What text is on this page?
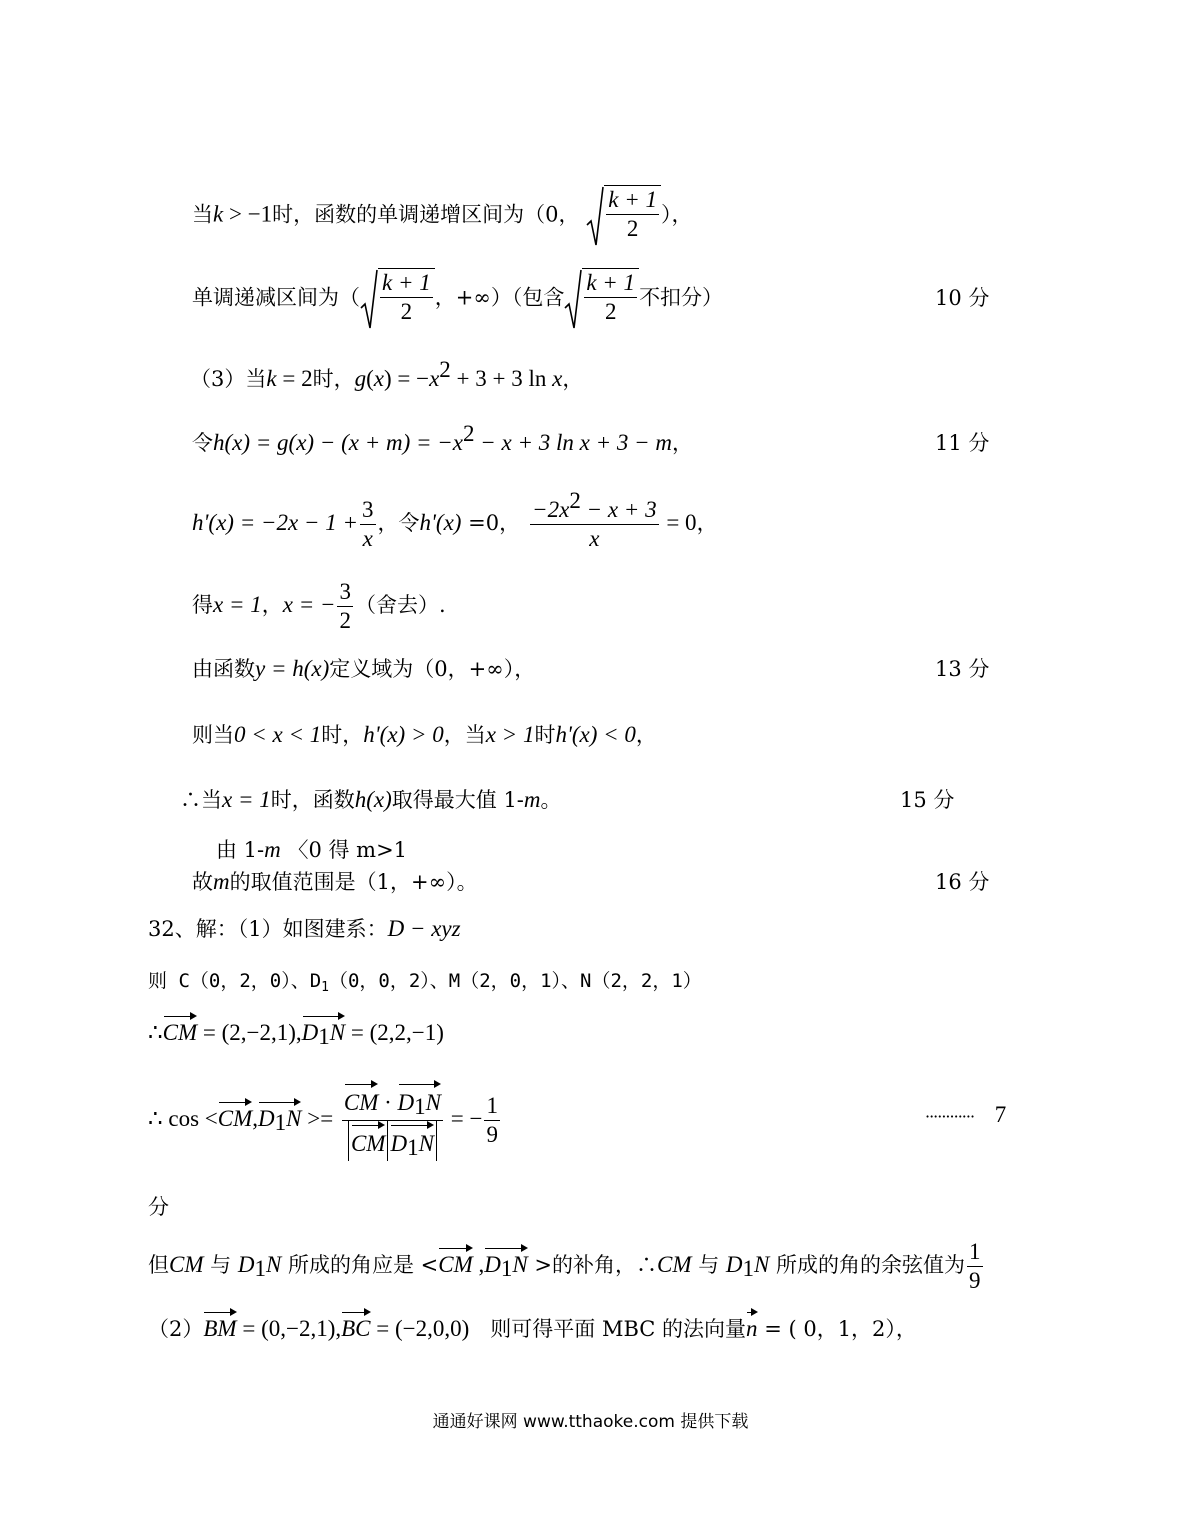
当k > −1时，函数的单调递增区间为（0， $\frac{k + 1}{2}$ ），
单调递减区间为（ $\frac{k + 1}{2}$ ，+∞）（包含 $\frac{k + 1}{2}$ 不扣分）	10 分
（3）当k = 2时，$g(x) = -x^2 + 3 + 3$ ln x，
令$h(x) = g(x) - (x + m) = -x^2 - x + 3$ ln x + 3 − m，	11 分
$h'(x) = -2x - 1 + \frac{3}{x}$ ，令h'(x) =0， $\frac{-2x^2 - x + 3}{x} = 0$，
得x = 1，x = − $\frac{3}{2}$ （舍去）.
由函数y = h(x)定义域为（0，+∞），	13 分
则当0 < x < 1时，h'(x) > 0，当x > 1时h'(x) < 0，
∴当x = 1时，函数h(x)取得最大值 1-m。	15 分
由 1-m 〈0 得 m>1
故m的取值范围是（1，+∞）。	16 分
32、解：（1）如图建系：D − xyz
则 C（0，2，0）、$D_1(0$，0，2）、M（2，0，1）、N（2，2，1）
∴CM = $(2,-2,1),D_1N = (2,2,-1)$
∴ $\cos <CM,D_1N >= \frac{CM \cdot D_1N}{CM D_1N}$ = − $\frac{1}{9}$	············ 7
分
但CM 与 $D_1N$ 所成的角应是 <CM $,D_1N$ >的补角，∴CM 与 $D_1N$ 所成的角的余弦值为 $\frac{1}{9}$
（2）BM = (0,−2,1),BC = (−2,0,0)　则可得平面 MBC 的法向量n = ( 0，1，2），
通通好课网 www.tthaoke.com 提供下载
